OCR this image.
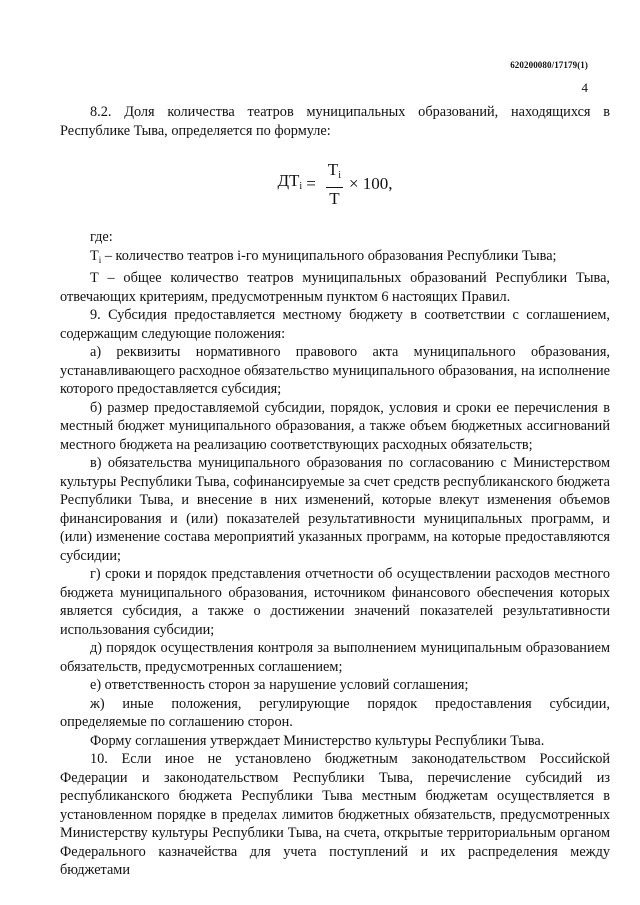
620200080/17179(1)
4

8.2. Доля количества театров муниципальных образований, находящихся в Республике Тыва, определяется по формуле:

$ДТ_i = \frac{Т_i}{Т} \times 100$,

где:

$Т_i$ – количество театров i-го муниципального образования Республики Тыва;

Т – общее количество театров муниципальных образований Республики Тыва, отвечающих критериям, предусмотренным пунктом 6 настоящих Правил.

9. Субсидия предоставляется местному бюджету в соответствии с соглашением, содержащим следующие положения:

а) реквизиты нормативного правового акта муниципального образования, устанавливающего расходное обязательство муниципального образования, на исполнение которого предоставляется субсидия;

б) размер предоставляемой субсидии, порядок, условия и сроки ее перечисления в местный бюджет муниципального образования, а также объем бюджетных ассигнований местного бюджета на реализацию соответствующих расходных обязательств;

в) обязательства муниципального образования по согласованию с Министерством культуры Республики Тыва, софинансируемые за счет средств республиканского бюджета Республики Тыва, и внесение в них изменений, которые влекут изменения объемов финансирования и (или) показателей результативности муниципальных программ, и (или) изменение состава мероприятий указанных программ, на которые предоставляются субсидии;

г) сроки и порядок представления отчетности об осуществлении расходов местного бюджета муниципального образования, источником финансового обеспечения которых является субсидия, а также о достижении значений показателей результативности использования субсидии;

д) порядок осуществления контроля за выполнением муниципальным образованием обязательств, предусмотренных соглашением;

е) ответственность сторон за нарушение условий соглашения;

ж) иные положения, регулирующие порядок предоставления субсидии, определяемые по соглашению сторон.

Форму соглашения утверждает Министерство культуры Республики Тыва.

10. Если иное не установлено бюджетным законодательством Российской Федерации и законодательством Республики Тыва, перечисление субсидий из республиканского бюджета Республики Тыва местным бюджетам осуществляется в установленном порядке в пределах лимитов бюджетных обязательств, предусмотренных Министерству культуры Республики Тыва, на счета, открытые территориальным органом Федерального казначейства для учета поступлений и их распределения между бюджетами
